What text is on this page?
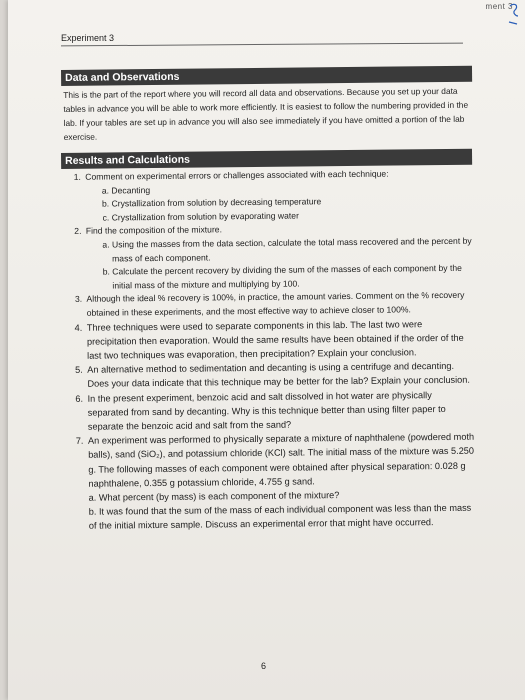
ment 3
Experiment 3
Data and Observations
This is the part of the report where you will record all data and observations. Because you set up your data tables in advance you will be able to work more efficiently. It is easiest to follow the numbering provided in the lab. If your tables are set up in advance you will also see immediately if you have omitted a portion of the lab exercise.
Results and Calculations
1. Comment on experimental errors or challenges associated with each technique:
a. Decanting
b. Crystallization from solution by decreasing temperature
c. Crystallization from solution by evaporating water
2. Find the composition of the mixture.
a. Using the masses from the data section, calculate the total mass recovered and the percent by mass of each component.
b. Calculate the percent recovery by dividing the sum of the masses of each component by the initial mass of the mixture and multiplying by 100.
3. Although the ideal % recovery is 100%, in practice, the amount varies. Comment on the % recovery obtained in these experiments, and the most effective way to achieve closer to 100%.
4. Three techniques were used to separate components in this lab. The last two were precipitation then evaporation. Would the same results have been obtained if the order of the last two techniques was evaporation, then precipitation? Explain your conclusion.
5. An alternative method to sedimentation and decanting is using a centrifuge and decanting. Does your data indicate that this technique may be better for the lab? Explain your conclusion.
6. In the present experiment, benzoic acid and salt dissolved in hot water are physically separated from sand by decanting. Why is this technique better than using filter paper to separate the benzoic acid and salt from the sand?
7. An experiment was performed to physically separate a mixture of naphthalene (powdered moth balls), sand (SiO₂), and potassium chloride (KCl) salt. The initial mass of the mixture was 5.250 g. The following masses of each component were obtained after physical separation: 0.028 g naphthalene, 0.355 g potassium chloride, 4.755 g sand.
a. What percent (by mass) is each component of the mixture?
b. It was found that the sum of the mass of each individual component was less than the mass of the initial mixture sample. Discuss an experimental error that might have occurred.
6
